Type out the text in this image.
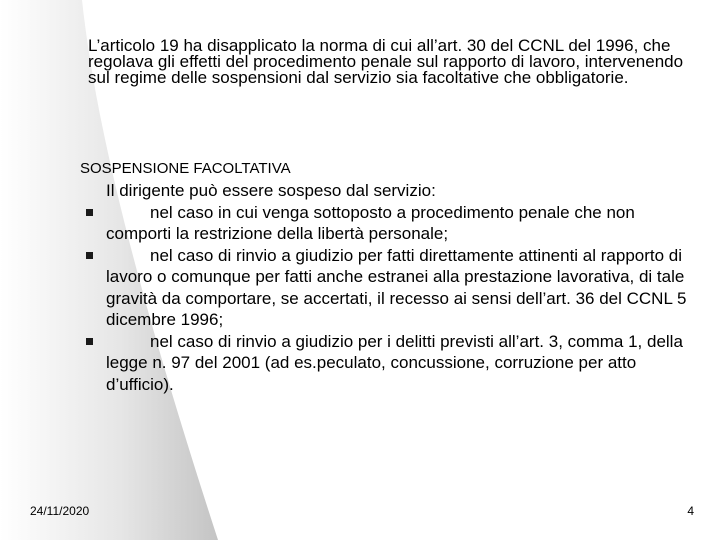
L’articolo 19 ha disapplicato la norma di cui all’art. 30 del CCNL del 1996, che regolava gli effetti del procedimento penale sul rapporto di lavoro, intervenendo sul regime delle sospensioni dal servizio sia facoltative che obbligatorie.

SOSPENSIONE FACOLTATIVA

Il dirigente può essere sospeso dal servizio:

nel caso in cui venga sottoposto a procedimento penale che non comporti la restrizione della libertà personale;
nel caso di rinvio a giudizio per fatti direttamente attinenti al rapporto di lavoro o comunque per fatti anche estranei alla prestazione lavorativa, di tale gravità da comportare, se accertati, il recesso ai sensi dell’art. 36 del CCNL 5 dicembre 1996;
nel caso di rinvio a giudizio per i delitti previsti all’art. 3, comma 1, della legge n. 97 del 2001 (ad es.peculato, concussione, corruzione per atto d’ufficio).
24/11/2020	4
